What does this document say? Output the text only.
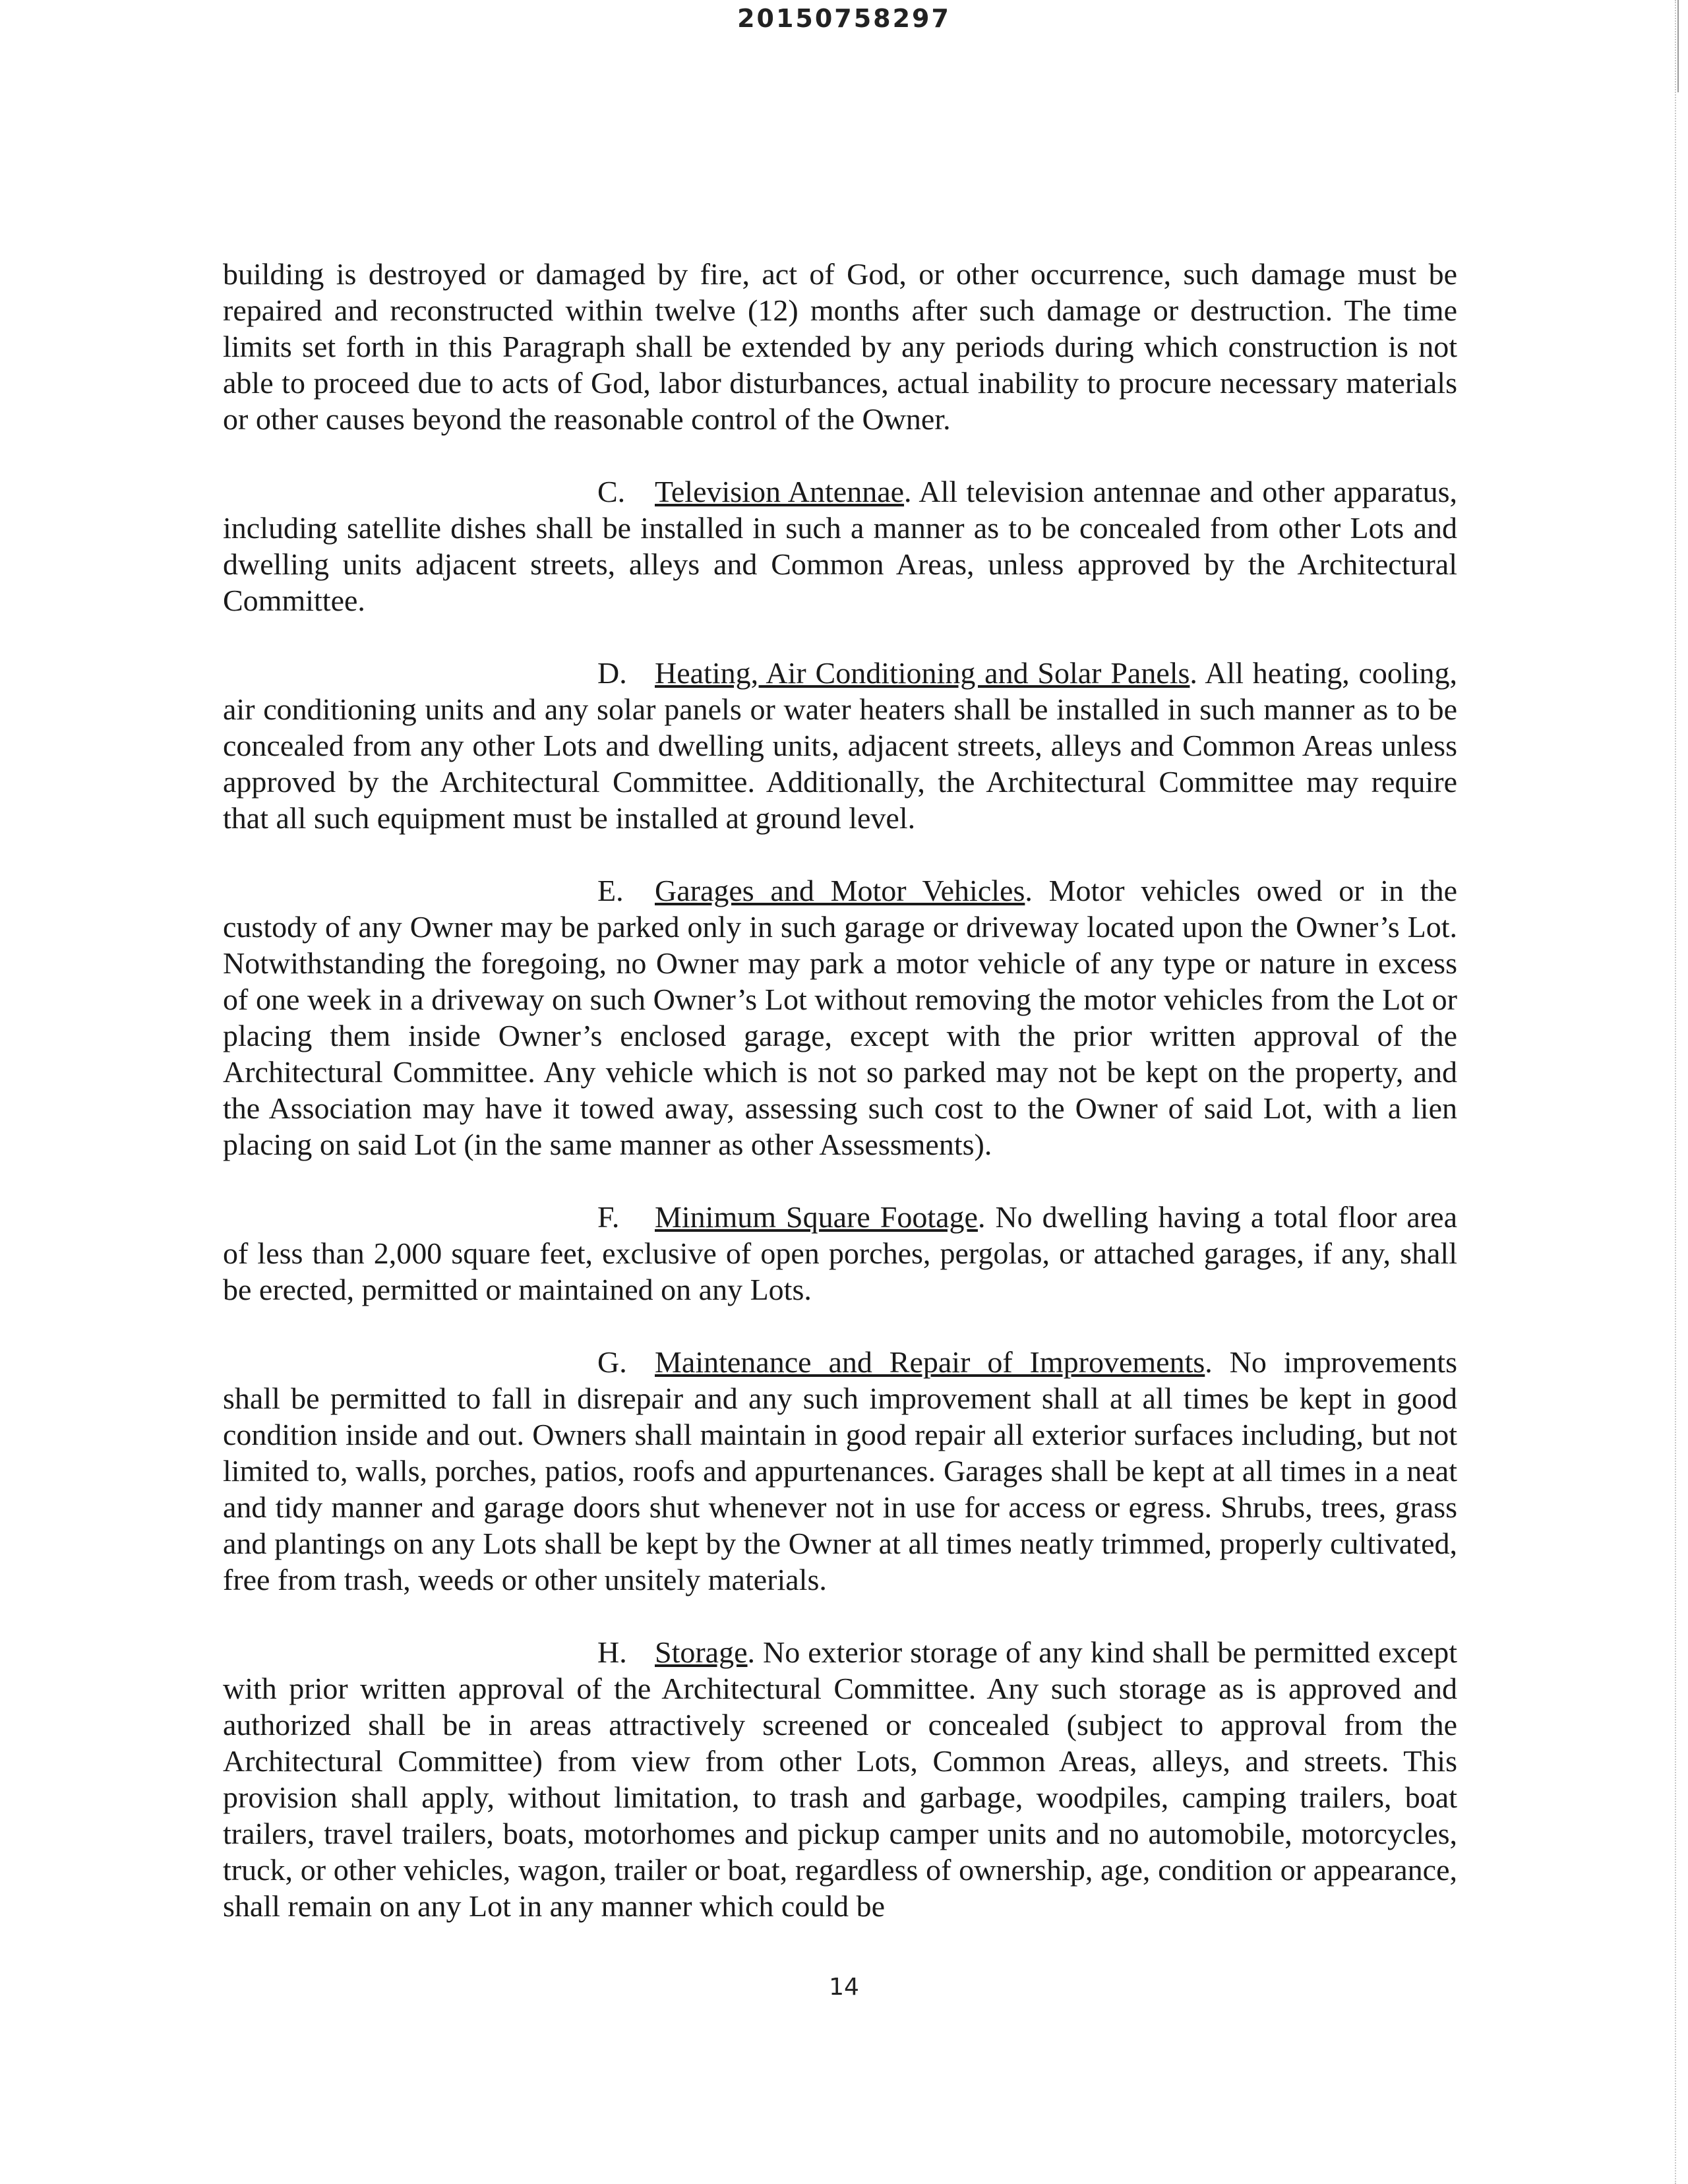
20150758297

building is destroyed or damaged by fire, act of God, or other occurrence, such damage must be repaired and reconstructed within twelve (12) months after such damage or destruction. The time limits set forth in this Paragraph shall be extended by any periods during which construction is not able to proceed due to acts of God, labor disturbances, actual inability to procure necessary materials or other causes beyond the reasonable control of the Owner.

C. Television Antennae. All television antennae and other apparatus, including satellite dishes shall be installed in such a manner as to be concealed from other Lots and dwelling units adjacent streets, alleys and Common Areas, unless approved by the Architectural Committee.

D. Heating, Air Conditioning and Solar Panels. All heating, cooling, air conditioning units and any solar panels or water heaters shall be installed in such manner as to be concealed from any other Lots and dwelling units, adjacent streets, alleys and Common Areas unless approved by the Architectural Committee. Additionally, the Architectural Committee may require that all such equipment must be installed at ground level.

E. Garages and Motor Vehicles. Motor vehicles owed or in the custody of any Owner may be parked only in such garage or driveway located upon the Owner’s Lot. Notwithstanding the foregoing, no Owner may park a motor vehicle of any type or nature in excess of one week in a driveway on such Owner’s Lot without removing the motor vehicles from the Lot or placing them inside Owner’s enclosed garage, except with the prior written approval of the Architectural Committee. Any vehicle which is not so parked may not be kept on the property, and the Association may have it towed away, assessing such cost to the Owner of said Lot, with a lien placing on said Lot (in the same manner as other Assessments).

F. Minimum Square Footage. No dwelling having a total floor area of less than 2,000 square feet, exclusive of open porches, pergolas, or attached garages, if any, shall be erected, permitted or maintained on any Lots.

G. Maintenance and Repair of Improvements. No improvements shall be permitted to fall in disrepair and any such improvement shall at all times be kept in good condition inside and out. Owners shall maintain in good repair all exterior surfaces including, but not limited to, walls, porches, patios, roofs and appurtenances. Garages shall be kept at all times in a neat and tidy manner and garage doors shut whenever not in use for access or egress. Shrubs, trees, grass and plantings on any Lots shall be kept by the Owner at all times neatly trimmed, properly cultivated, free from trash, weeds or other unsitely materials.

H. Storage. No exterior storage of any kind shall be permitted except with prior written approval of the Architectural Committee. Any such storage as is approved and authorized shall be in areas attractively screened or concealed (subject to approval from the Architectural Committee) from view from other Lots, Common Areas, alleys, and streets. This provision shall apply, without limitation, to trash and garbage, woodpiles, camping trailers, boat trailers, travel trailers, boats, motorhomes and pickup camper units and no automobile, motorcycles, truck, or other vehicles, wagon, trailer or boat, regardless of ownership, age, condition or appearance, shall remain on any Lot in any manner which could be

14
